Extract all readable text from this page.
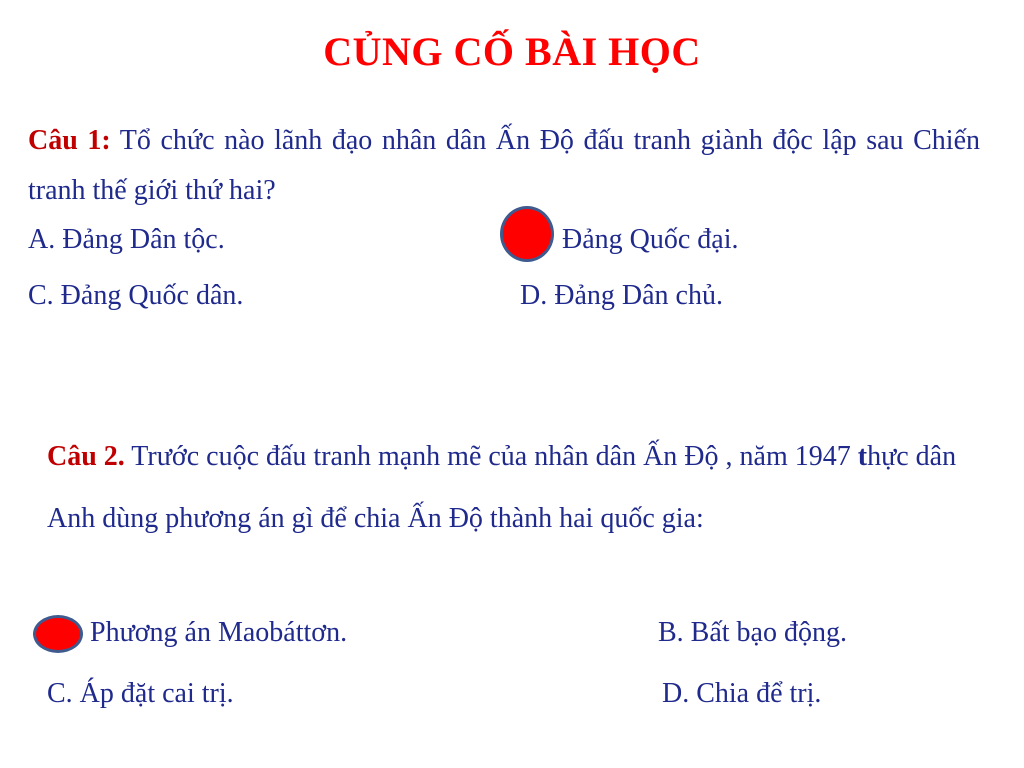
CỦNG CỐ BÀI HỌC
Câu 1: Tổ chức nào lãnh đạo nhân dân Ấn Độ đấu tranh giành độc lập sau Chiến tranh thế giới thứ hai?
A. Đảng Dân tộc.	Đảng Quốc đại.
C. Đảng Quốc dân.	D. Đảng Dân chủ.
Câu 2. Trước cuộc đấu tranh mạnh mẽ của nhân dân Ấn Độ , năm 1947 thực dân Anh dùng phương án gì để chia Ấn Độ thành hai quốc gia:
Phương án Maobáttơn.	B. Bất bạo động.
C. Áp đặt cai trị.	D. Chia để trị.
